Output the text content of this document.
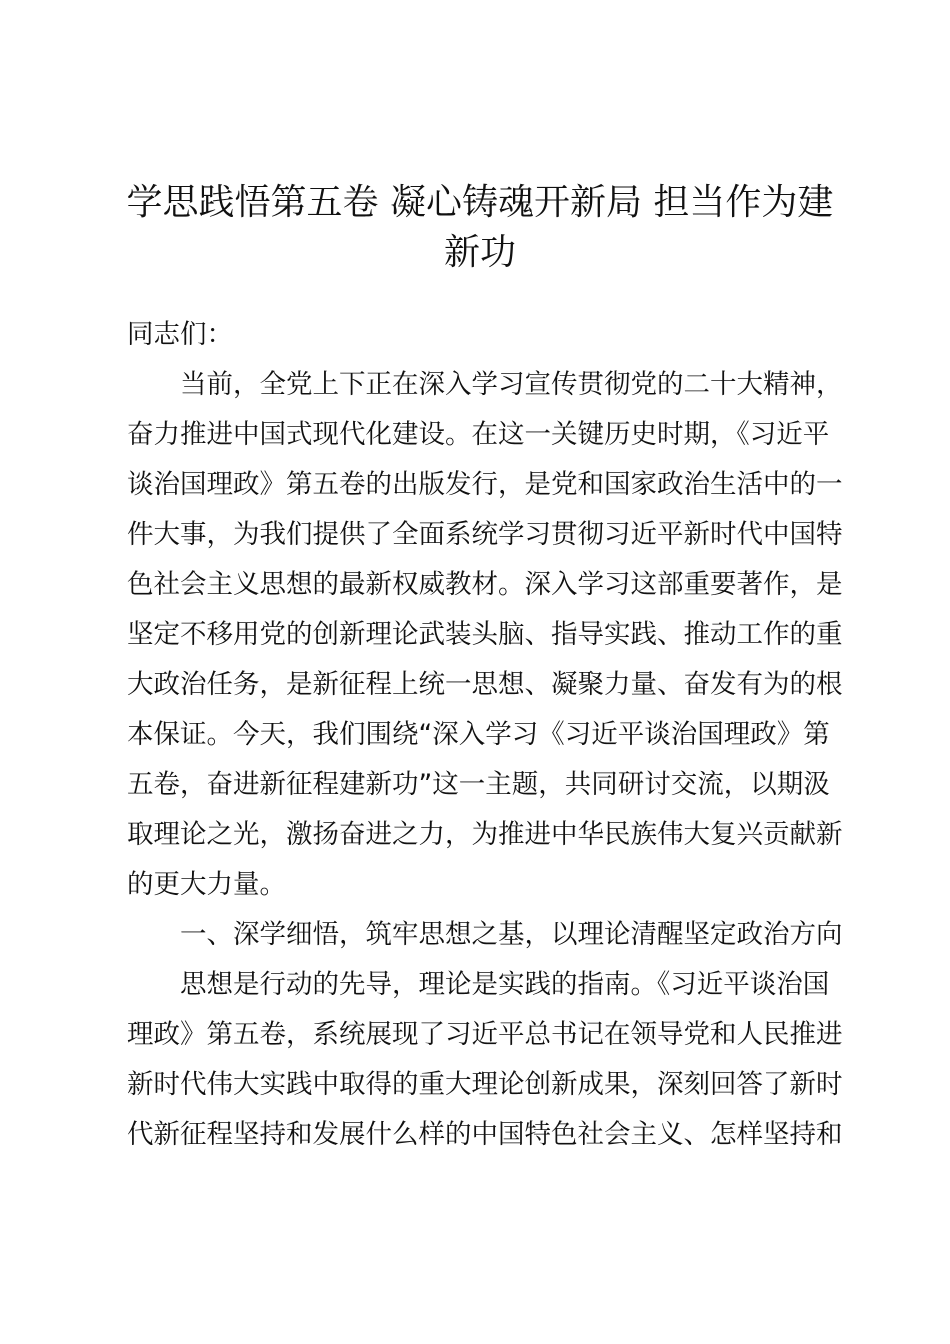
学思践悟第五卷 凝心铸魂开新局 担当作为建
新功
同志们：
当前，全党上下正在深入学习宣传贯彻党的二十大精神，
奋力推进中国式现代化建设。在这一关键历史时期，《习近平
谈治国理政》第五卷的出版发行，是党和国家政治生活中的一
件大事，为我们提供了全面系统学习贯彻习近平新时代中国特
色社会主义思想的最新权威教材。深入学习这部重要著作，是
坚定不移用党的创新理论武装头脑、指导实践、推动工作的重
大政治任务，是新征程上统一思想、凝聚力量、奋发有为的根
本保证。今天，我们围绕“深入学习《习近平谈治国理政》第
五卷，奋进新征程建新功”这一主题，共同研讨交流，以期汲
取理论之光，激扬奋进之力，为推进中华民族伟大复兴贡献新
的更大力量。
一、深学细悟，筑牢思想之基，以理论清醒坚定政治方向
思想是行动的先导，理论是实践的指南。《习近平谈治国
理政》第五卷，系统展现了习近平总书记在领导党和人民推进
新时代伟大实践中取得的重大理论创新成果，深刻回答了新时
代新征程坚持和发展什么样的中国特色社会主义、怎样坚持和
